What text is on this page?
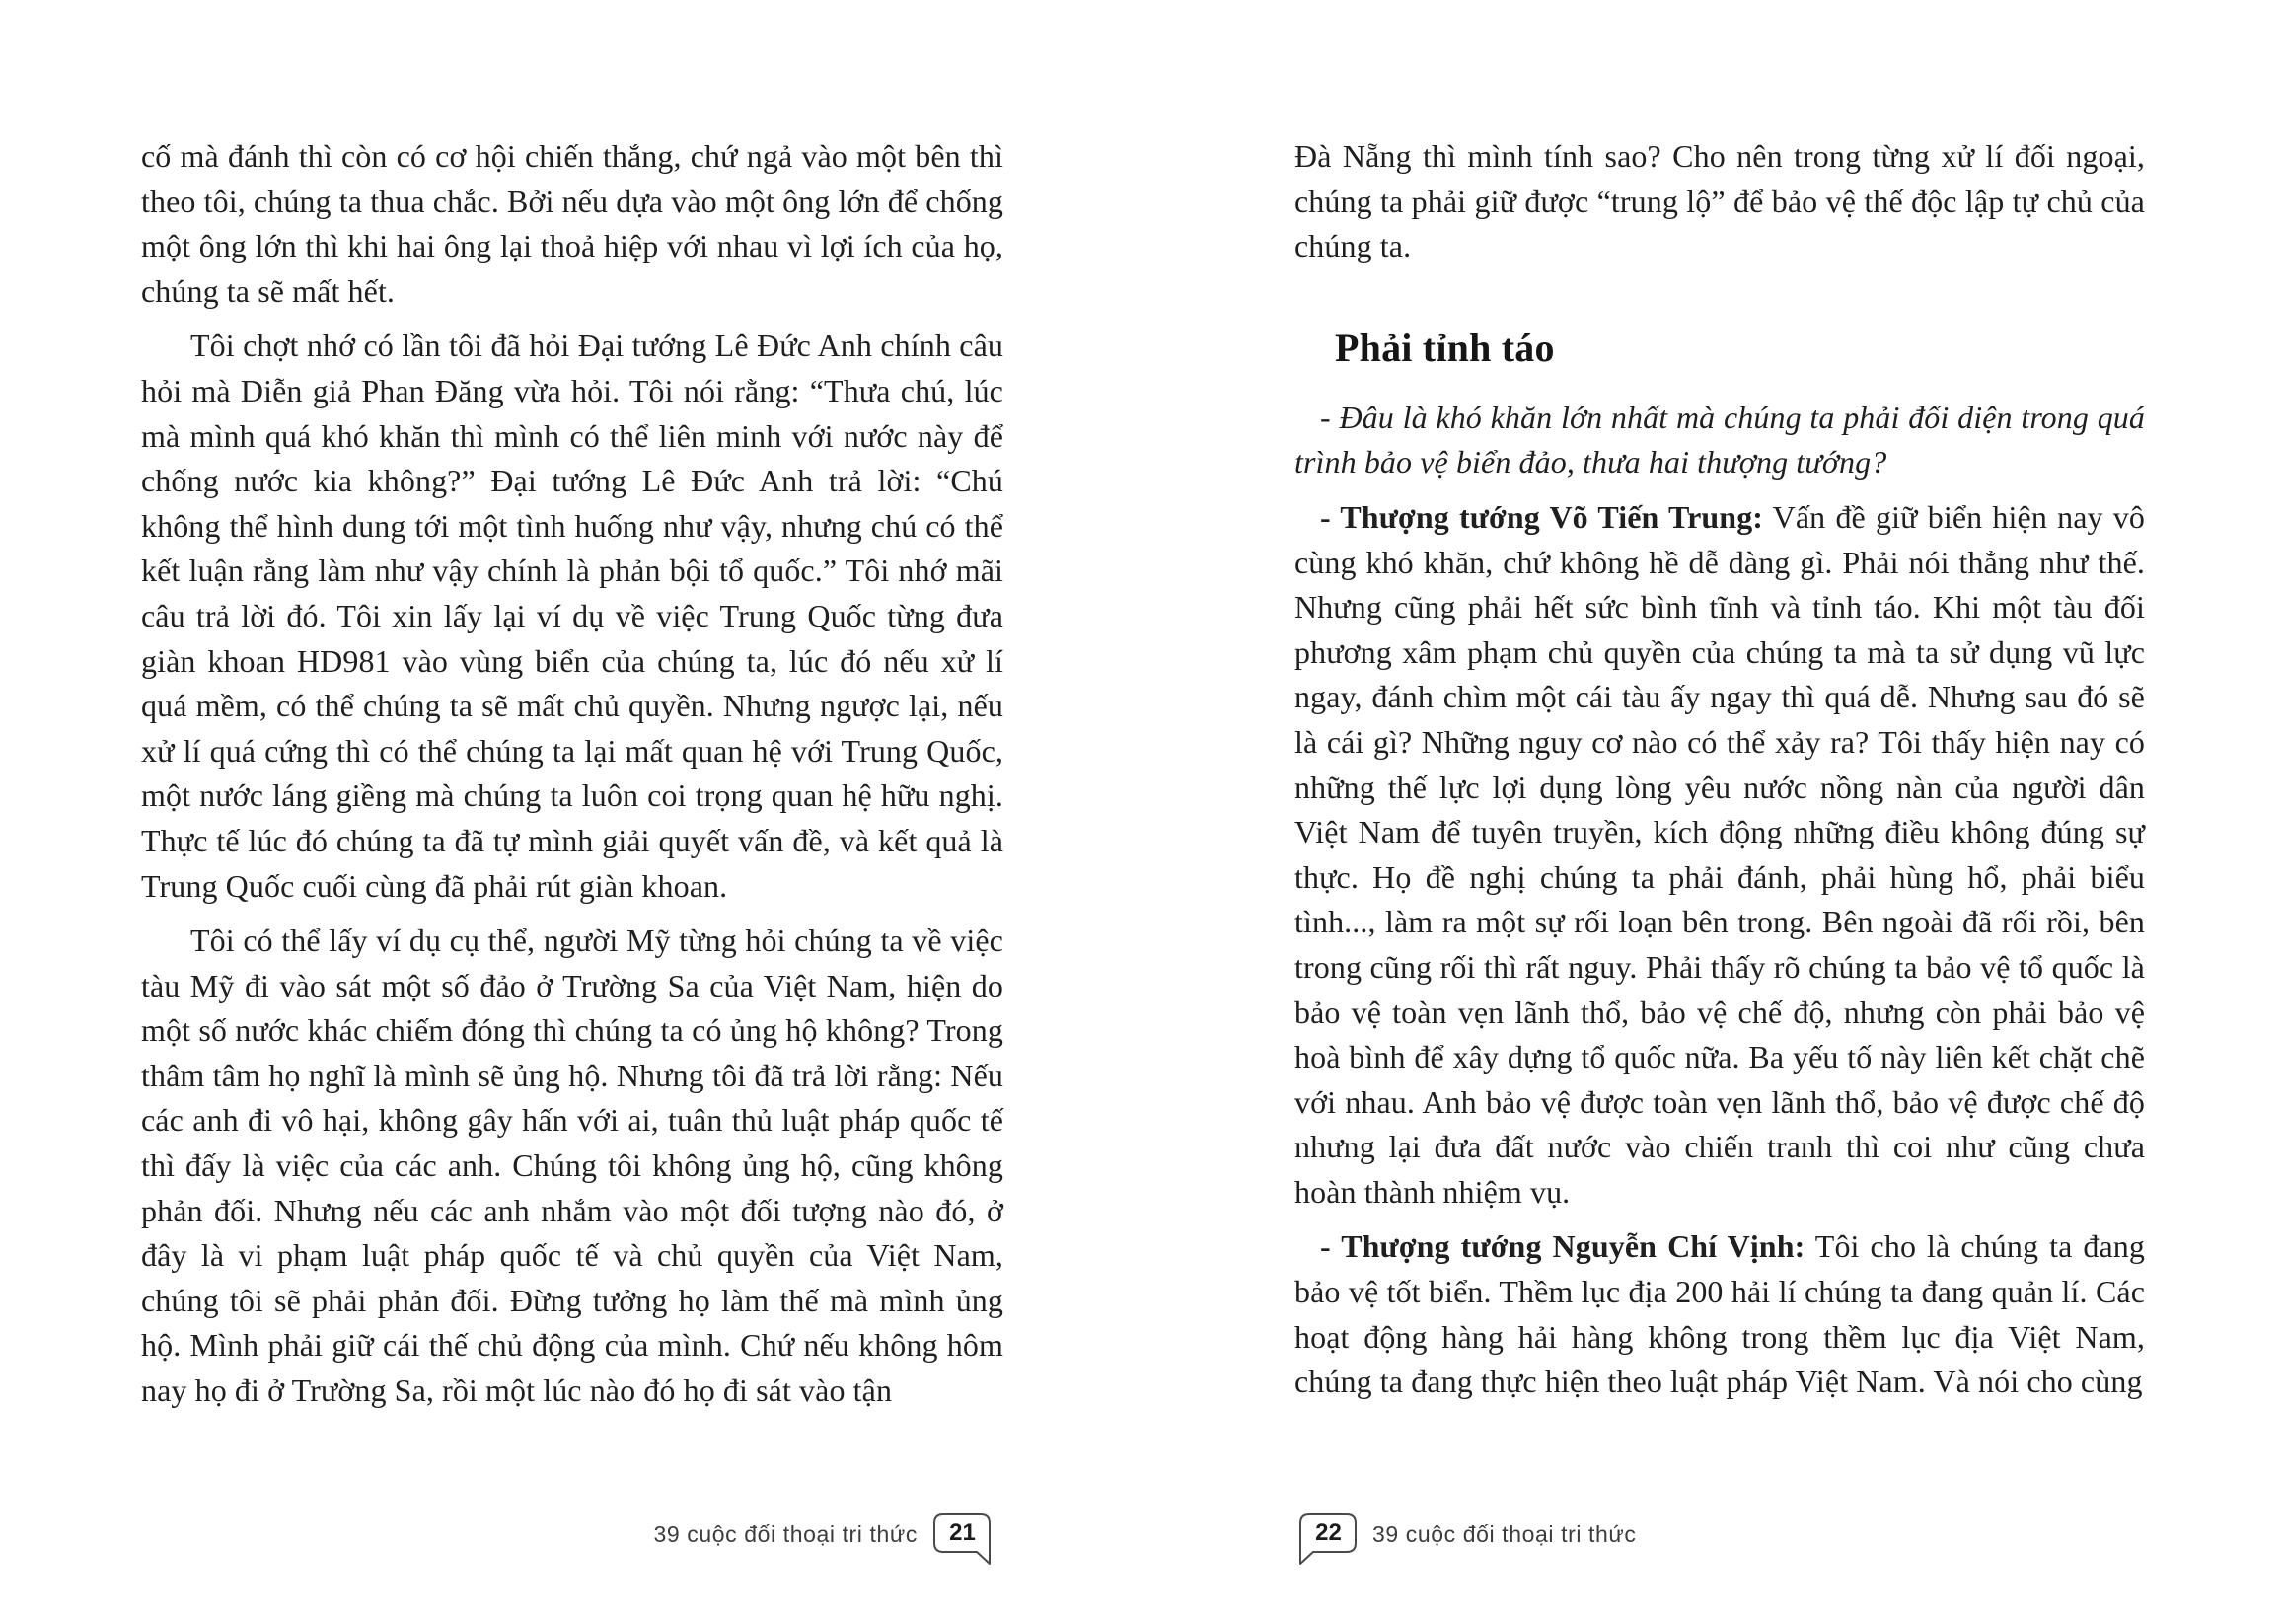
cố mà đánh thì còn có cơ hội chiến thắng, chứ ngả vào một bên thì theo tôi, chúng ta thua chắc. Bởi nếu dựa vào một ông lớn để chống một ông lớn thì khi hai ông lại thoả hiệp với nhau vì lợi ích của họ, chúng ta sẽ mất hết.

Tôi chợt nhớ có lần tôi đã hỏi Đại tướng Lê Đức Anh chính câu hỏi mà Diễn giả Phan Đăng vừa hỏi. Tôi nói rằng: “Thưa chú, lúc mà mình quá khó khăn thì mình có thể liên minh với nước này để chống nước kia không?” Đại tướng Lê Đức Anh trả lời: “Chú không thể hình dung tới một tình huống như vậy, nhưng chú có thể kết luận rằng làm như vậy chính là phản bội tổ quốc.” Tôi nhớ mãi câu trả lời đó. Tôi xin lấy lại ví dụ về việc Trung Quốc từng đưa giàn khoan HD981 vào vùng biển của chúng ta, lúc đó nếu xử lí quá mềm, có thể chúng ta sẽ mất chủ quyền. Nhưng ngược lại, nếu xử lí quá cứng thì có thể chúng ta lại mất quan hệ với Trung Quốc, một nước láng giềng mà chúng ta luôn coi trọng quan hệ hữu nghị. Thực tế lúc đó chúng ta đã tự mình giải quyết vấn đề, và kết quả là Trung Quốc cuối cùng đã phải rút giàn khoan.

Tôi có thể lấy ví dụ cụ thể, người Mỹ từng hỏi chúng ta về việc tàu Mỹ đi vào sát một số đảo ở Trường Sa của Việt Nam, hiện do một số nước khác chiếm đóng thì chúng ta có ủng hộ không? Trong thâm tâm họ nghĩ là mình sẽ ủng hộ. Nhưng tôi đã trả lời rằng: Nếu các anh đi vô hại, không gây hấn với ai, tuân thủ luật pháp quốc tế thì đấy là việc của các anh. Chúng tôi không ủng hộ, cũng không phản đối. Nhưng nếu các anh nhắm vào một đối tượng nào đó, ở đây là vi phạm luật pháp quốc tế và chủ quyền của Việt Nam, chúng tôi sẽ phải phản đối. Đừng tưởng họ làm thế mà mình ủng hộ. Mình phải giữ cái thế chủ động của mình. Chứ nếu không hôm nay họ đi ở Trường Sa, rồi một lúc nào đó họ đi sát vào tận

Đà Nẵng thì mình tính sao? Cho nên trong từng xử lí đối ngoại, chúng ta phải giữ được “trung lộ” để bảo vệ thế độc lập tự chủ của chúng ta.

Phải tỉnh táo

- Đâu là khó khăn lớn nhất mà chúng ta phải đối diện trong quá trình bảo vệ biển đảo, thưa hai thượng tướng?

- Thượng tướng Võ Tiến Trung: Vấn đề giữ biển hiện nay vô cùng khó khăn, chứ không hề dễ dàng gì. Phải nói thẳng như thế. Nhưng cũng phải hết sức bình tĩnh và tỉnh táo. Khi một tàu đối phương xâm phạm chủ quyền của chúng ta mà ta sử dụng vũ lực ngay, đánh chìm một cái tàu ấy ngay thì quá dễ. Nhưng sau đó sẽ là cái gì? Những nguy cơ nào có thể xảy ra? Tôi thấy hiện nay có những thế lực lợi dụng lòng yêu nước nồng nàn của người dân Việt Nam để tuyên truyền, kích động những điều không đúng sự thực. Họ đề nghị chúng ta phải đánh, phải hùng hổ, phải biểu tình..., làm ra một sự rối loạn bên trong. Bên ngoài đã rối rồi, bên trong cũng rối thì rất nguy. Phải thấy rõ chúng ta bảo vệ tổ quốc là bảo vệ toàn vẹn lãnh thổ, bảo vệ chế độ, nhưng còn phải bảo vệ hoà bình để xây dựng tổ quốc nữa. Ba yếu tố này liên kết chặt chẽ với nhau. Anh bảo vệ được toàn vẹn lãnh thổ, bảo vệ được chế độ nhưng lại đưa đất nước vào chiến tranh thì coi như cũng chưa hoàn thành nhiệm vụ.

- Thượng tướng Nguyễn Chí Vịnh: Tôi cho là chúng ta đang bảo vệ tốt biển. Thềm lục địa 200 hải lí chúng ta đang quản lí. Các hoạt động hàng hải hàng không trong thềm lục địa Việt Nam, chúng ta đang thực hiện theo luật pháp Việt Nam. Và nói cho cùng

39 cuộc đối thoại tri thức	21	22	39 cuộc đối thoại tri thức
